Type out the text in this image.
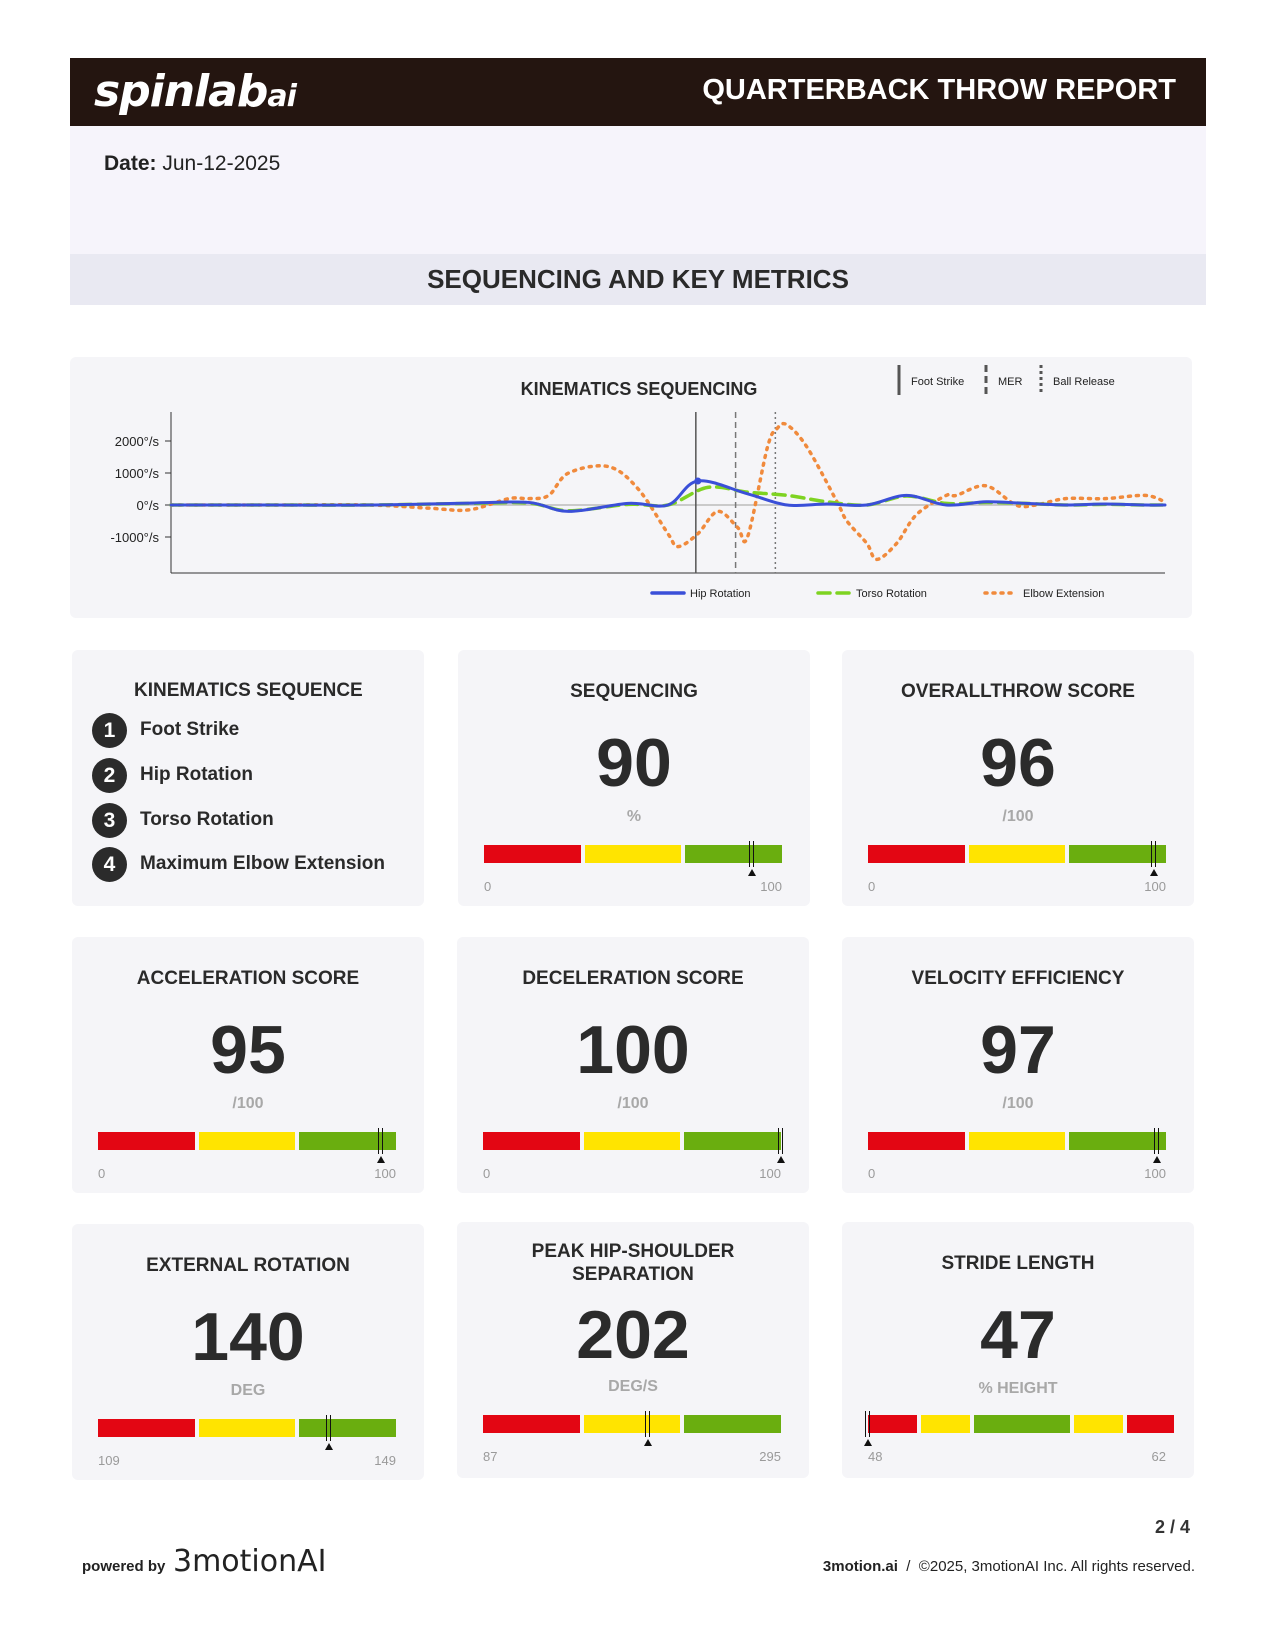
spinlabai	QUARTERBACK THROW REPORT
Date: Jun-12-2025
SEQUENCING AND KEY METRICS
KINEMATICS SEQUENCING
2000°/s
1000°/s
0°/s
-1000°/s
Hip Rotation	Torso Rotation	Elbow Extension
Foot Strike	MER	Ball Release
KINEMATICS SEQUENCE
1	Foot Strike
2	Hip Rotation
3	Torso Rotation
4	Maximum Elbow Extension
SEQUENCING
90
%
0	100
OVERALLTHROW SCORE
96
/100
0	100
ACCELERATION SCORE
95
/100
0	100
DECELERATION SCORE
100
/100
0	100
VELOCITY EFFICIENCY
97
/100
0	100
EXTERNAL ROTATION
140
DEG
109	149
PEAK HIP-SHOULDER SEPARATION
202
DEG/S
87	295
STRIDE LENGTH
47
% HEIGHT
48	62
2 / 4
powered by 3motionAI	3motion.ai / ©2025, 3motionAI Inc. All rights reserved.
